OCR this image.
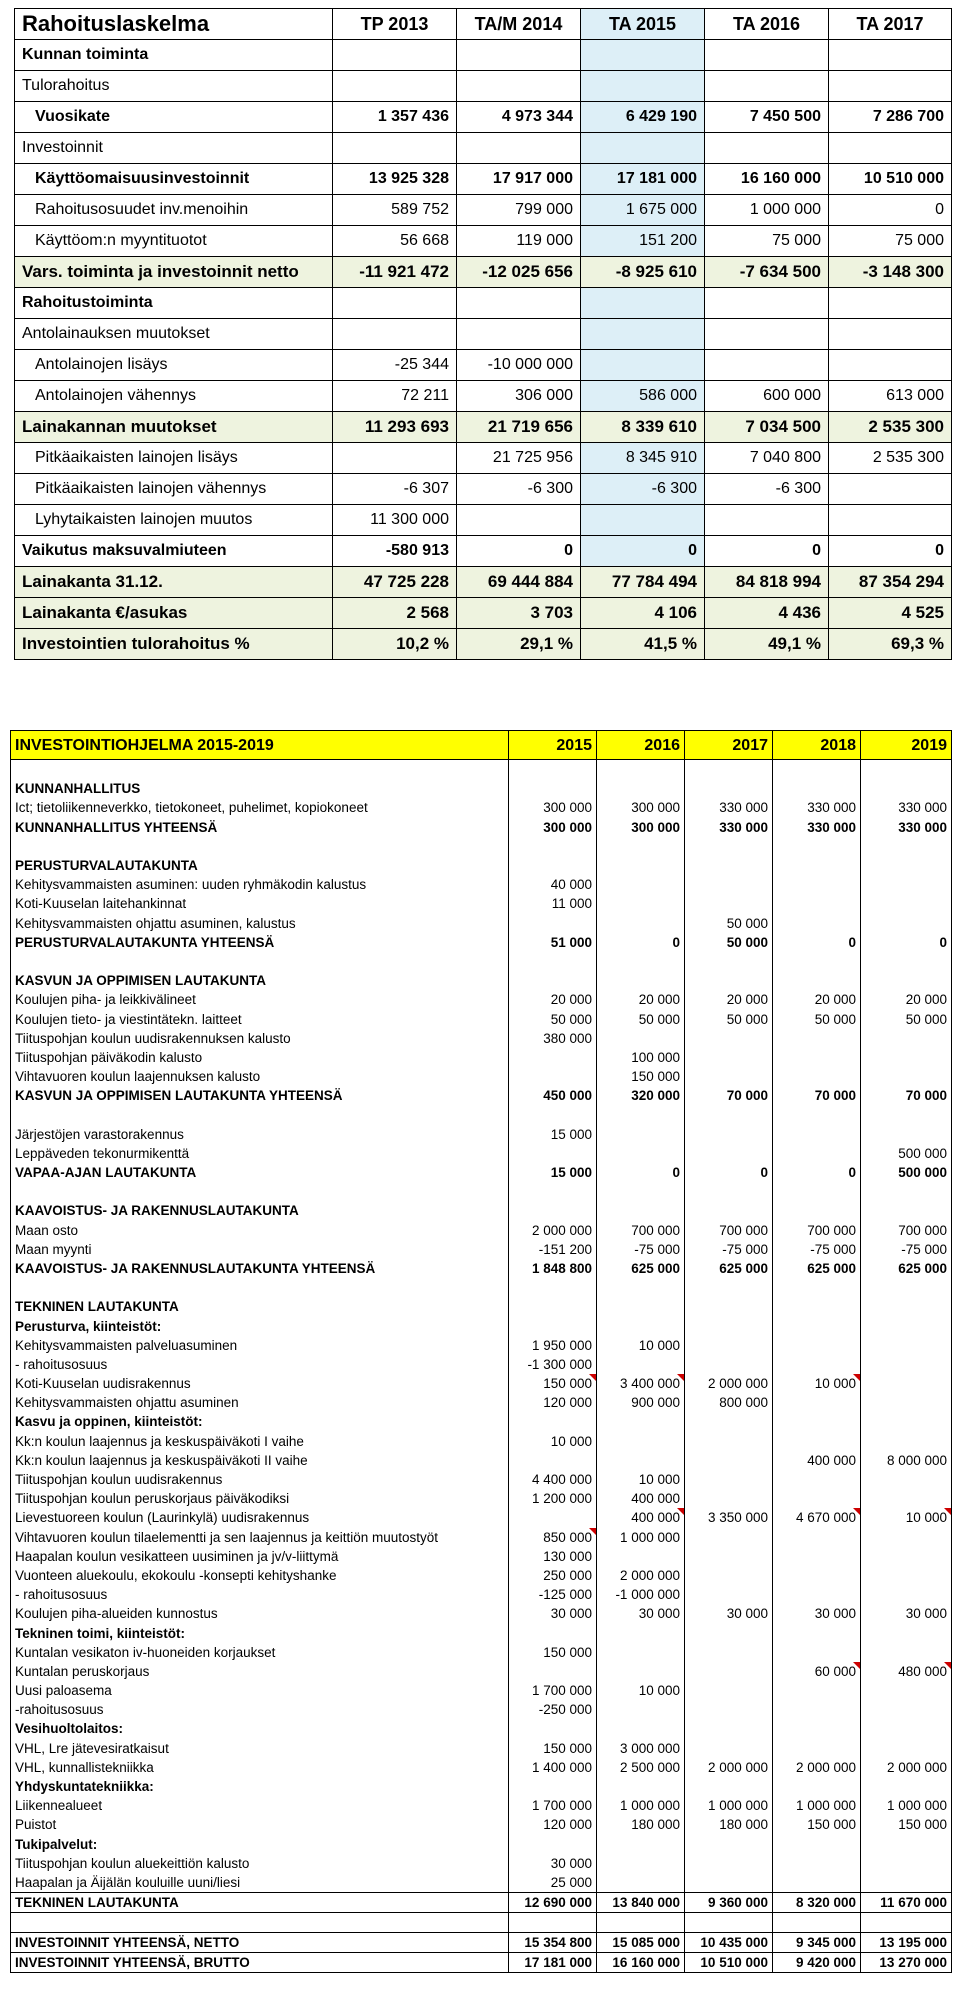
Rahoituslaskelma	TP 2013	TA/M 2014	TA 2015	TA 2016	TA 2017
Kunnan toiminta					
Tulorahoitus					
Vuosikate	1 357 436	4 973 344	6 429 190	7 450 500	7 286 700
Investoinnit					
Käyttöomaisuusinvestoinnit	13 925 328	17 917 000	17 181 000	16 160 000	10 510 000
Rahoitusosuudet inv.menoihin	589 752	799 000	1 675 000	1 000 000	0
Käyttöom:n myyntituotot	56 668	119 000	151 200	75 000	75 000
Vars. toiminta ja investoinnit netto	-11 921 472	-12 025 656	-8 925 610	-7 634 500	-3 148 300
Rahoitustoiminta					
Antolainauksen muutokset					
Antolainojen lisäys	-25 344	-10 000 000			
Antolainojen vähennys	72 211	306 000	586 000	600 000	613 000
Lainakannan muutokset	11 293 693	21 719 656	8 339 610	7 034 500	2 535 300
Pitkäaikaisten lainojen lisäys		21 725 956	8 345 910	7 040 800	2 535 300
Pitkäaikaisten lainojen vähennys	-6 307	-6 300	-6 300	-6 300	
Lyhytaikaisten lainojen muutos	11 300 000				
Vaikutus maksuvalmiuteen	-580 913	0	0	0	0
Lainakanta 31.12.	47 725 228	69 444 884	77 784 494	84 818 994	87 354 294
Lainakanta €/asukas	2 568	3 703	4 106	4 436	4 525
Investointien tulorahoitus %	10,2 %	29,1 %	41,5 %	49,1 %	69,3 %
INVESTOINTIOHJELMA 2015-2019	2015	2016	2017	2018	2019

KUNNANHALLITUS					
Ict; tietoliikenneverkko, tietokoneet, puhelimet, kopiokoneet	300 000	300 000	330 000	330 000	330 000
KUNNANHALLITUS YHTEENSÄ	300 000	300 000	330 000	330 000	330 000

PERUSTURVALAUTAKUNTA					
Kehitysvammaisten asuminen: uuden ryhmäkodin kalustus	40 000				
Koti-Kuuselan laitehankinnat	11 000				
Kehitysvammaisten ohjattu asuminen, kalustus			50 000		
PERUSTURVALAUTAKUNTA YHTEENSÄ	51 000	0	50 000	0	0

KASVUN JA OPPIMISEN LAUTAKUNTA					
Koulujen piha- ja leikkivälineet	20 000	20 000	20 000	20 000	20 000
Koulujen tieto- ja viestintätekn. laitteet	50 000	50 000	50 000	50 000	50 000
Tiituspohjan koulun uudisrakennuksen kalusto	380 000				
Tiituspohjan päiväkodin kalusto		100 000			
Vihtavuoren koulun laajennuksen kalusto		150 000			
KASVUN JA OPPIMISEN LAUTAKUNTA YHTEENSÄ	450 000	320 000	70 000	70 000	70 000

Järjestöjen varastorakennus	15 000				
Leppäveden tekonurmikenttä					500 000
VAPAA-AJAN LAUTAKUNTA	15 000	0	0	0	500 000

KAAVOISTUS- JA RAKENNUSLAUTAKUNTA					
Maan osto	2 000 000	700 000	700 000	700 000	700 000
Maan myynti	-151 200	-75 000	-75 000	-75 000	-75 000
KAAVOISTUS- JA RAKENNUSLAUTAKUNTA YHTEENSÄ	1 848 800	625 000	625 000	625 000	625 000

TEKNINEN LAUTAKUNTA					
Perusturva, kiinteistöt:					
Kehitysvammaisten palveluasuminen	1 950 000	10 000			
- rahoitusosuus	-1 300 000				
Koti-Kuuselan uudisrakennus	150 000	3 400 000	2 000 000	10 000

Kehitysvammaisten ohjattu asuminen	120 000	900 000	800 000		
Kasvu ja oppinen, kiinteistöt:					
Kk:n koulun laajennus ja keskuspäiväkoti I vaihe	10 000				
Kk:n koulun laajennus ja keskuspäiväkoti II vaihe				400 000	8 000 000
Tiituspohjan koulun uudisrakennus	4 400 000	10 000			
Tiituspohjan koulun peruskorjaus päiväkodiksi	1 200 000	400 000			
Lievestuoreen koulun (Laurinkylä) uudisrakennus		400 000	3 350 000	4 670 000	10 000

Vihtavuoren koulun tilaelementti ja sen laajennus ja keittiön muutostyöt	850 000	1 000 000			
Haapalan koulun vesikatteen uusiminen ja jv/v-liittymä	130 000				
Vuonteen aluekoulu, ekokoulu -konsepti kehityshanke	250 000	2 000 000			
- rahoitusosuus	-125 000	-1 000 000			
Koulujen piha-alueiden kunnostus	30 000	30 000	30 000	30 000	30 000
Tekninen toimi, kiinteistöt:					
Kuntalan vesikaton iv-huoneiden korjaukset	150 000				
Kuntalan peruskorjaus				60 000	480 000

Uusi paloasema	1 700 000	10 000			
-rahoitusosuus	-250 000				
Vesihuoltolaitos:					
VHL, Lre jätevesiratkaisut	150 000	3 000 000			
VHL, kunnallistekniikka	1 400 000	2 500 000	2 000 000	2 000 000	2 000 000
Yhdyskuntatekniikka:					
Liikennealueet	1 700 000	1 000 000	1 000 000	1 000 000	1 000 000
Puistot	120 000	180 000	180 000	150 000	150 000
Tukipalvelut:					
Tiituspohjan koulun aluekeittiön kalusto	30 000				
Haapalan ja Äijälän kouluille uuni/liesi	25 000				
TEKNINEN LAUTAKUNTA	12 690 000	13 840 000	9 360 000	8 320 000	11 670 000

INVESTOINNIT YHTEENSÄ, NETTO	15 354 800	15 085 000	10 435 000	9 345 000	13 195 000
INVESTOINNIT YHTEENSÄ, BRUTTO	17 181 000	16 160 000	10 510 000	9 420 000	13 270 000
